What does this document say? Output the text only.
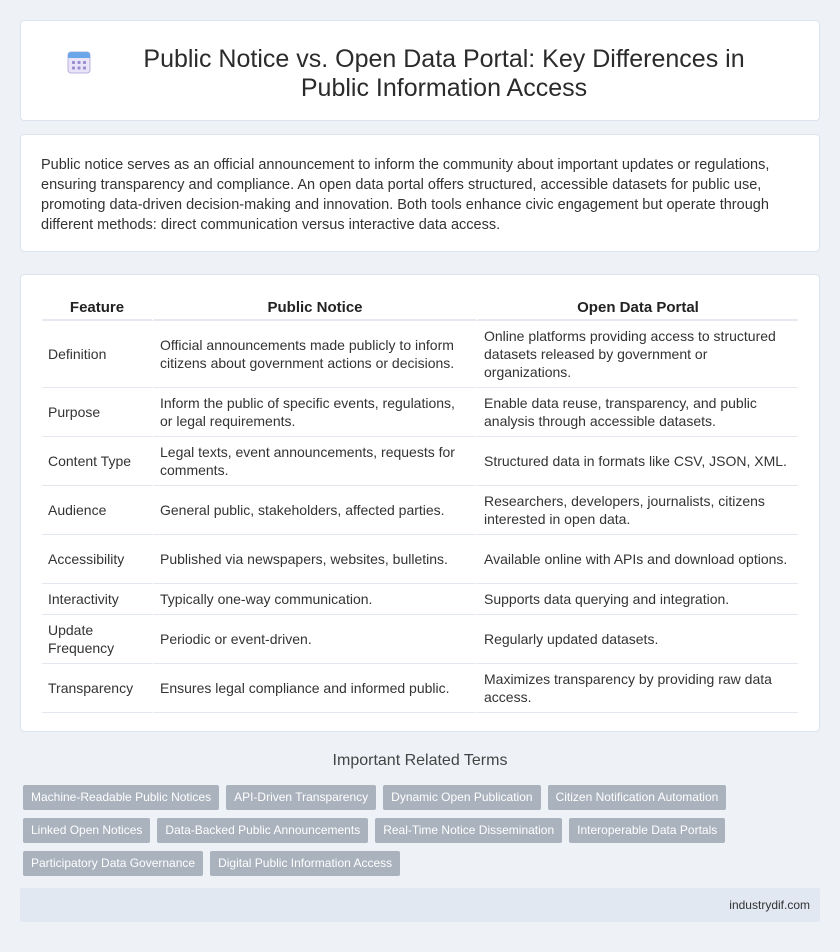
Public Notice vs. Open Data Portal: Key Differences in Public Information Access

Public notice serves as an official announcement to inform the community about important updates or regulations, ensuring transparency and compliance. An open data portal offers structured, accessible datasets for public use, promoting data-driven decision-making and innovation. Both tools enhance civic engagement but operate through different methods: direct communication versus interactive data access.

Feature	Public Notice	Open Data Portal
Definition	Official announcements made publicly to inform citizens about government actions or decisions.	Online platforms providing access to structured datasets released by government or organizations.
Purpose	Inform the public of specific events, regulations, or legal requirements.	Enable data reuse, transparency, and public analysis through accessible datasets.
Content Type	Legal texts, event announcements, requests for comments.	Structured data in formats like CSV, JSON, XML.
Audience	General public, stakeholders, affected parties.	Researchers, developers, journalists, citizens interested in open data.
Accessibility	Published via newspapers, websites, bulletins.	Available online with APIs and download options.
Interactivity	Typically one-way communication.	Supports data querying and integration.
Update Frequency	Periodic or event-driven.	Regularly updated datasets.
Transparency	Ensures legal compliance and informed public.	Maximizes transparency by providing raw data access.
Important Related Terms
Machine-Readable Public Notices	API-Driven Transparency	Dynamic Open Publication	Citizen Notification Automation
Linked Open Notices	Data-Backed Public Announcements	Real-Time Notice Dissemination	Interoperable Data Portals
Participatory Data Governance	Digital Public Information Access
industrydif.com
